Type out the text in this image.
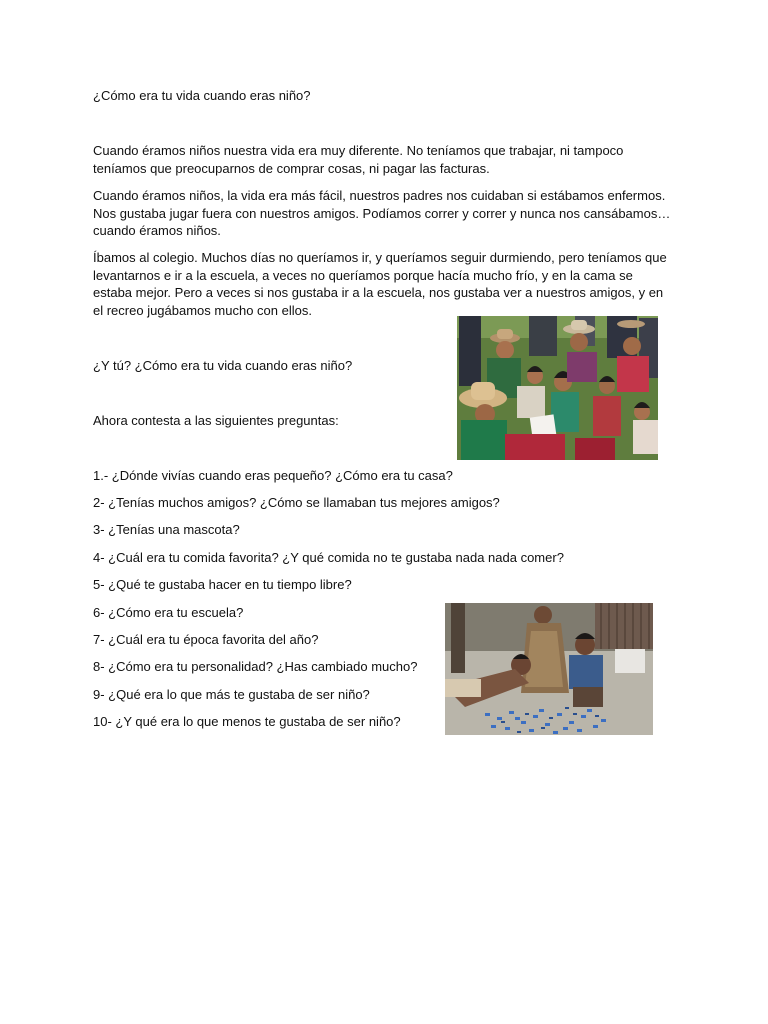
¿Cómo era tu vida cuando eras niño?

Cuando éramos niños nuestra vida era muy diferente. No teníamos que trabajar, ni tampoco teníamos que preocuparnos de comprar cosas, ni pagar las facturas.

Cuando éramos niños, la vida era más fácil, nuestros padres nos cuidaban si estábamos enfermos. Nos gustaba jugar fuera con nuestros amigos. Podíamos correr y correr y nunca nos cansábamos… cuando éramos niños.

Íbamos al colegio. Muchos días no queríamos ir, y queríamos seguir durmiendo, pero teníamos que levantarnos e ir a la escuela, a veces no queríamos porque hacía mucho frío, y en la cama se estaba mejor. Pero a veces si nos gustaba ir a la escuela, nos gustaba ver a nuestros amigos, y en el recreo jugábamos mucho con ellos.

¿Y tú? ¿Cómo era tu vida cuando eras niño?

Ahora contesta a las siguientes preguntas:

1.- ¿Dónde vivías cuando eras pequeño? ¿Cómo era tu casa?

2- ¿Tenías muchos amigos? ¿Cómo se llamaban tus mejores amigos?

3- ¿Tenías una mascota?

4- ¿Cuál era tu comida favorita? ¿Y qué comida no te gustaba nada nada comer?

5- ¿Qué te gustaba hacer en tu tiempo libre?

6- ¿Cómo era tu escuela?

7- ¿Cuál era tu época favorita del año?

8- ¿Cómo era tu personalidad? ¿Has cambiado mucho?

9- ¿Qué era lo que más te gustaba de ser niño?

10- ¿Y qué era lo que menos te gustaba de ser niño?
